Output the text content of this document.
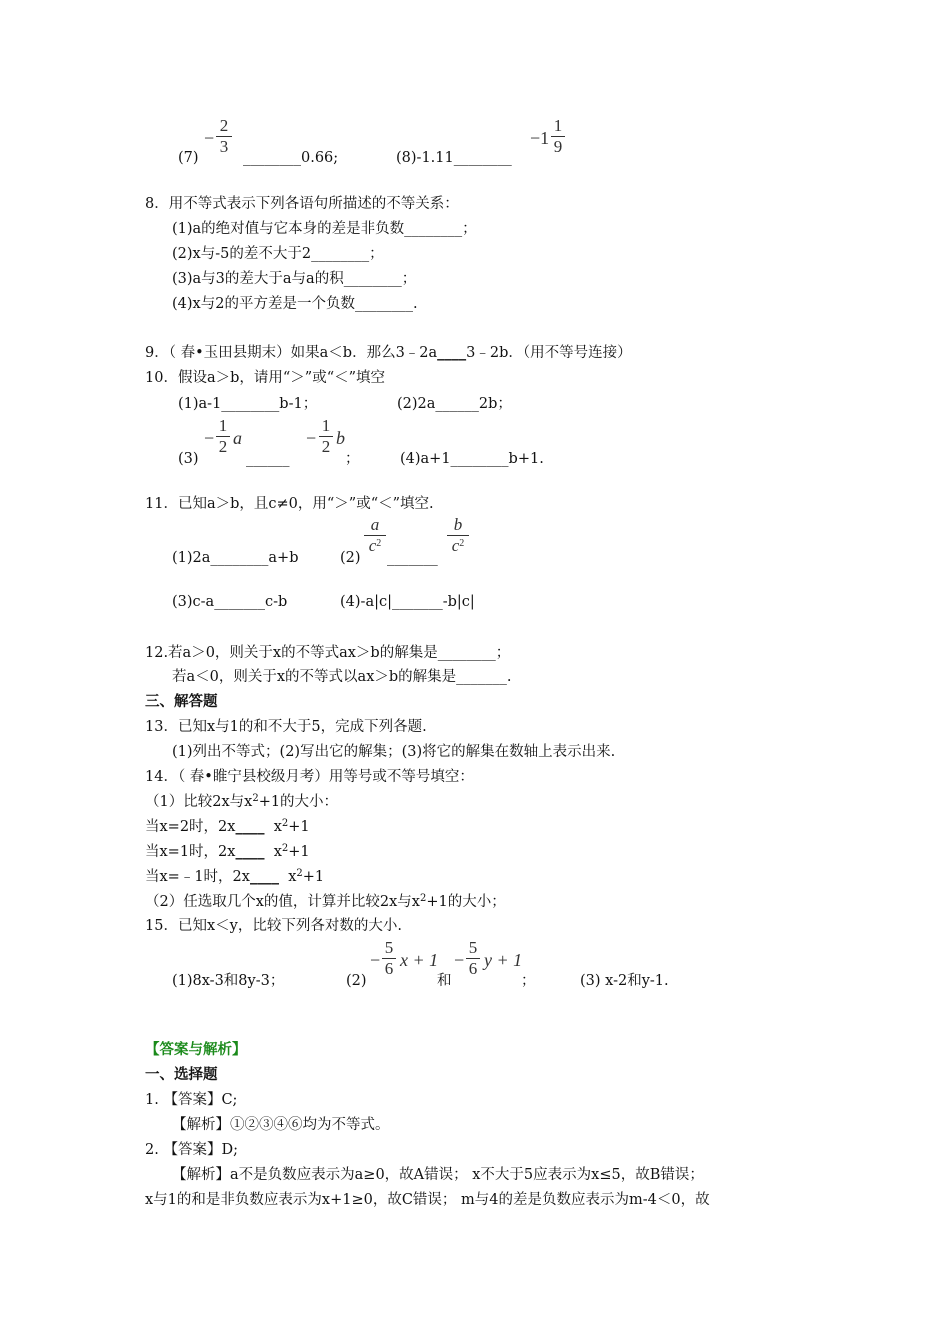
(7)
−
2
3
________0.66;	(8)-1.11________
−1
1
9
8．用不等式表示下列各语句所描述的不等关系：
(1)a的绝对值与它本身的差是非负数________；
(2)x与-5的差不大于2________；
(3)a与3的差大于a与a的积________；
(4)x与2的平方差是一个负数________.
9．（ 春•玉田县期末）如果a＜b．那么3﹣2a____3﹣2b．（用不等号连接）
10．假设a＞b，请用“＞”或“＜”填空
(1)a-1________b-1；	(2)2a______2b；
(3)
−
1
2 a
______
−
1
2 b
；	(4)a+1________b+1.
11．已知a＞b，且c≠0，用“＞”或“＜”填空.
(1)2a________a+b	(2)
a
$c^2$
_______
b
$c^2$
(3)c-a_______c-b	(4)-a|c|_______-b|c|
12.若a＞0，则关于x的不等式ax＞b的解集是________；
若a＜0，则关于x的不等式以ax＞b的解集是_______.
三、解答题
13．已知x与1的和不大于5，完成下列各题.
(1)列出不等式；(2)写出它的解集；(3)将它的解集在数轴上表示出来.
14．（ 春•睢宁县校级月考）用等号或不等号填空：
（1）比较2x与$x^2+1$的大小：
当x=2时，2x____ $x^2+1$
当x=1时，2x____ $x^2+1$
当x=﹣1时，2x____ $x^2+1$
（2）任选取几个x的值，计算并比较2x与$x^2+1$的大小；
15．已知x＜y，比较下列各对数的大小.
(1)8x-3和8y-3；	(2)
−
5
6 x + 1
和
−
5
6 y + 1
；	(3) x-2和y-1.
【答案与解析】
一、选择题
1. 【答案】C;
【解析】①②③④⑥均为不等式。
2. 【答案】D;
【解析】a不是负数应表示为a≥0，故A错误； x不大于5应表示为x≤5，故B错误；
x与1的和是非负数应表示为x+1≥0，故C错误； m与4的差是负数应表示为m-4＜0，故
